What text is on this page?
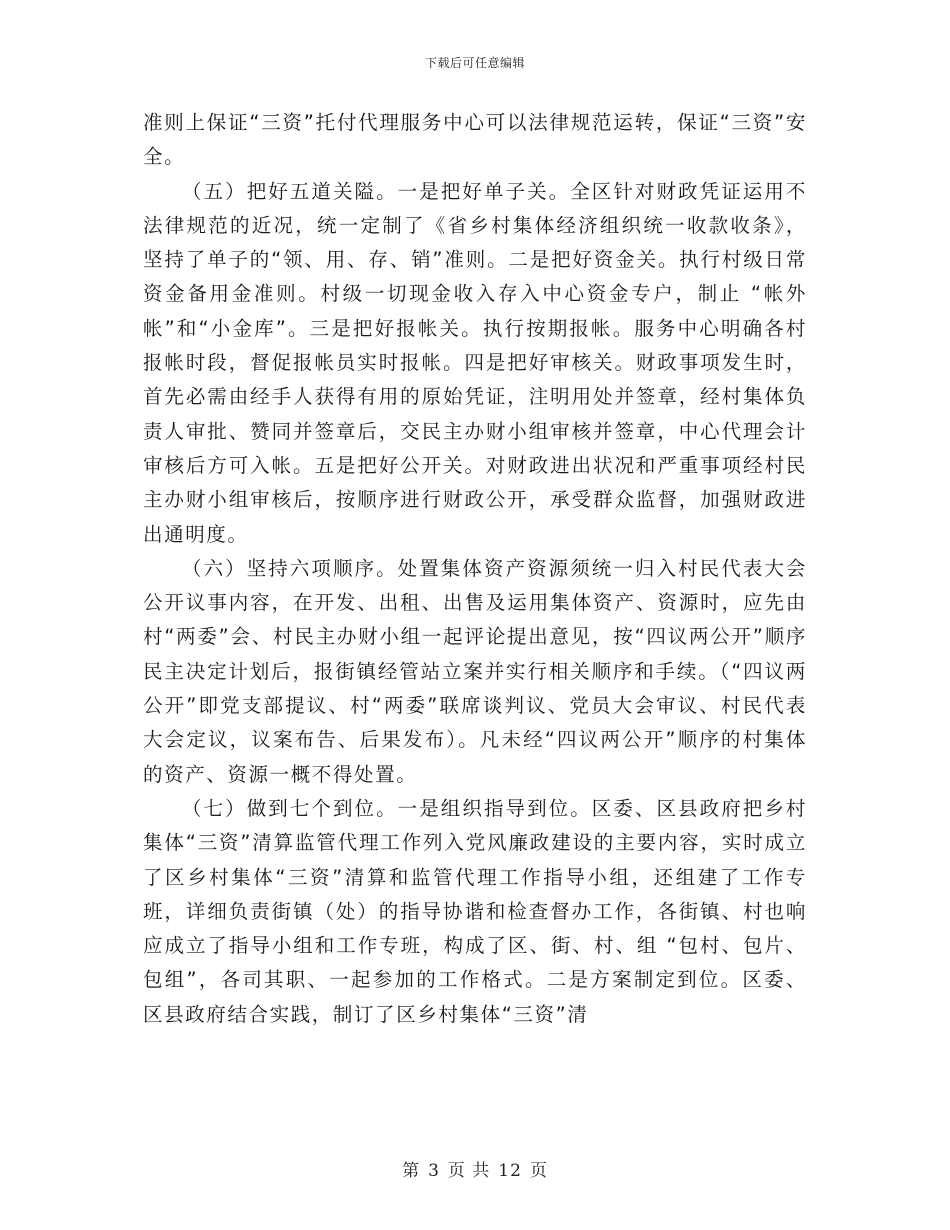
下载后可任意编辑

准则上保证“三资”托付代理服务中心可以法律规范运转，保证“三资”安全。

（五）把好五道关隘。一是把好单子关。全区针对财政凭证运用不法律规范的近况，统一定制了《省乡村集体经济组织统一收款收条》，坚持了单子的“领、用、存、销”准则。二是把好资金关。执行村级日常资金备用金准则。村级一切现金收入存入中心资金专户，制止 “帐外帐”和“小金库”。三是把好报帐关。执行按期报帐。服务中心明确各村报帐时段，督促报帐员实时报帐。四是把好审核关。财政事项发生时，首先必需由经手人获得有用的原始凭证，注明用处并签章，经村集体负责人审批、赞同并签章后，交民主办财小组审核并签章，中心代理会计审核后方可入帐。五是把好公开关。对财政进出状况和严重事项经村民主办财小组审核后，按顺序进行财政公开，承受群众监督，加强财政进出通明度。

（六）坚持六项顺序。处置集体资产资源须统一归入村民代表大会公开议事内容，在开发、出租、出售及运用集体资产、资源时，应先由村“两委”会、村民主办财小组一起评论提出意见，按“四议两公开”顺序民主决定计划后，报街镇经管站立案并实行相关顺序和手续。（“四议两公开”即党支部提议、村“两委”联席谈判议、党员大会审议、村民代表大会定议，议案布告、后果发布）。凡未经“四议两公开”顺序的村集体的资产、资源一概不得处置。

（七）做到七个到位。一是组织指导到位。区委、区县政府把乡村集体“三资”清算监管代理工作列入党风廉政建设的主要内容，实时成立了区乡村集体“三资”清算和监管代理工作指导小组，还组建了工作专班，详细负责街镇（处）的指导协谐和检查督办工作，各街镇、村也响应成立了指导小组和工作专班，构成了区、街、村、组 “包村、包片、包组”，各司其职、一起参加的工作格式。二是方案制定到位。区委、区县政府结合实践，制订了区乡村集体“三资”清

第 3 页 共 12 页
